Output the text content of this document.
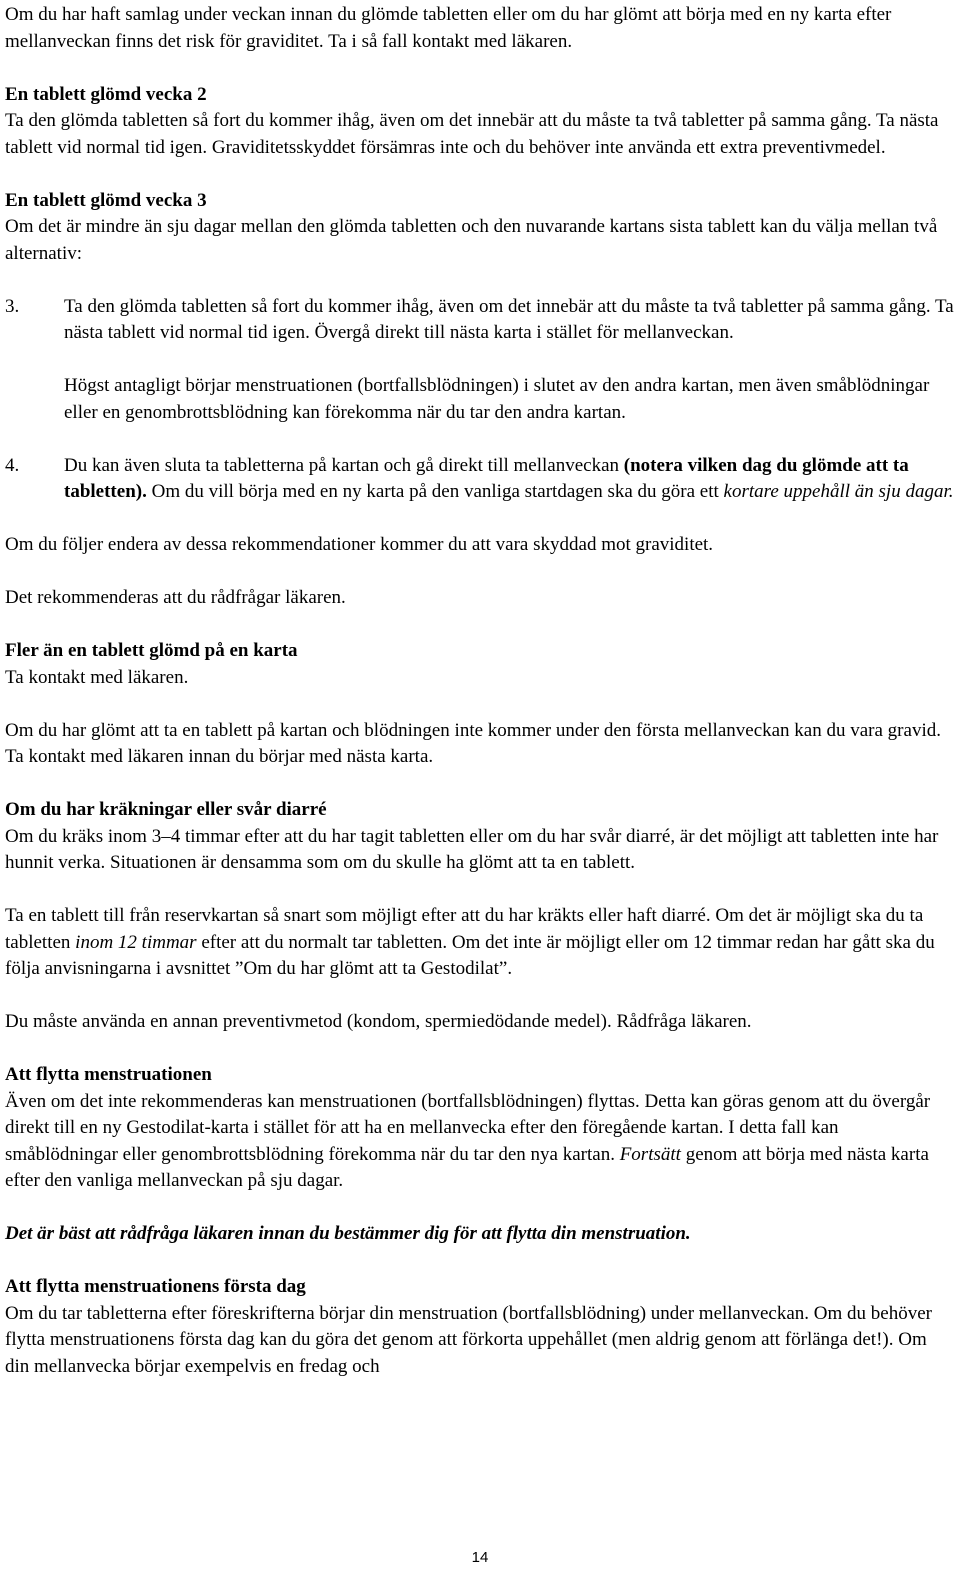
Om du har haft samlag under veckan innan du glömde tabletten eller om du har glömt att börja med en ny karta efter mellanveckan finns det risk för graviditet. Ta i så fall kontakt med läkaren.

En tablett glömd vecka 2

Ta den glömda tabletten så fort du kommer ihåg, även om det innebär att du måste ta två tabletter på samma gång. Ta nästa tablett vid normal tid igen. Graviditetsskyddet försämras inte och du behöver inte använda ett extra preventivmedel.

En tablett glömd vecka 3

Om det är mindre än sju dagar mellan den glömda tabletten och den nuvarande kartans sista tablett kan du välja mellan två alternativ:

3. Ta den glömda tabletten så fort du kommer ihåg, även om det innebär att du måste ta två tabletter på samma gång. Ta nästa tablett vid normal tid igen. Övergå direkt till nästa karta i stället för mellanveckan.

Högst antagligt börjar menstruationen (bortfallsblödningen) i slutet av den andra kartan, men även småblödningar eller en genombrottsblödning kan förekomma när du tar den andra kartan.

4. Du kan även sluta ta tabletterna på kartan och gå direkt till mellanveckan (notera vilken dag du glömde att ta tabletten). Om du vill börja med en ny karta på den vanliga startdagen ska du göra ett kortare uppehåll än sju dagar.

Om du följer endera av dessa rekommendationer kommer du att vara skyddad mot graviditet.

Det rekommenderas att du rådfrågar läkaren.

Fler än en tablett glömd på en karta

Ta kontakt med läkaren.

Om du har glömt att ta en tablett på kartan och blödningen inte kommer under den första mellanveckan kan du vara gravid. Ta kontakt med läkaren innan du börjar med nästa karta.

Om du har kräkningar eller svår diarré

Om du kräks inom 3–4 timmar efter att du har tagit tabletten eller om du har svår diarré, är det möjligt att tabletten inte har hunnit verka. Situationen är densamma som om du skulle ha glömt att ta en tablett.

Ta en tablett till från reservkartan så snart som möjligt efter att du har kräkts eller haft diarré. Om det är möjligt ska du ta tabletten inom 12 timmar efter att du normalt tar tabletten. Om det inte är möjligt eller om 12 timmar redan har gått ska du följa anvisningarna i avsnittet ”Om du har glömt att ta Gestodilat”.

Du måste använda en annan preventivmetod (kondom, spermiedödande medel). Rådfråga läkaren.

Att flytta menstruationen

Även om det inte rekommenderas kan menstruationen (bortfallsblödningen) flyttas. Detta kan göras genom att du övergår direkt till en ny Gestodilat-karta i stället för att ha en mellanvecka efter den föregående kartan. I detta fall kan småblödningar eller genombrottsblödning förekomma när du tar den nya kartan. Fortsätt genom att börja med nästa karta efter den vanliga mellanveckan på sju dagar.

Det är bäst att rådfråga läkaren innan du bestämmer dig för att flytta din menstruation.

Att flytta menstruationens första dag

Om du tar tabletterna efter föreskrifterna börjar din menstruation (bortfallsblödning) under mellanveckan. Om du behöver flytta menstruationens första dag kan du göra det genom att förkorta uppehållet (men aldrig genom att förlänga det!). Om din mellanvecka börjar exempelvis en fredag och

14
